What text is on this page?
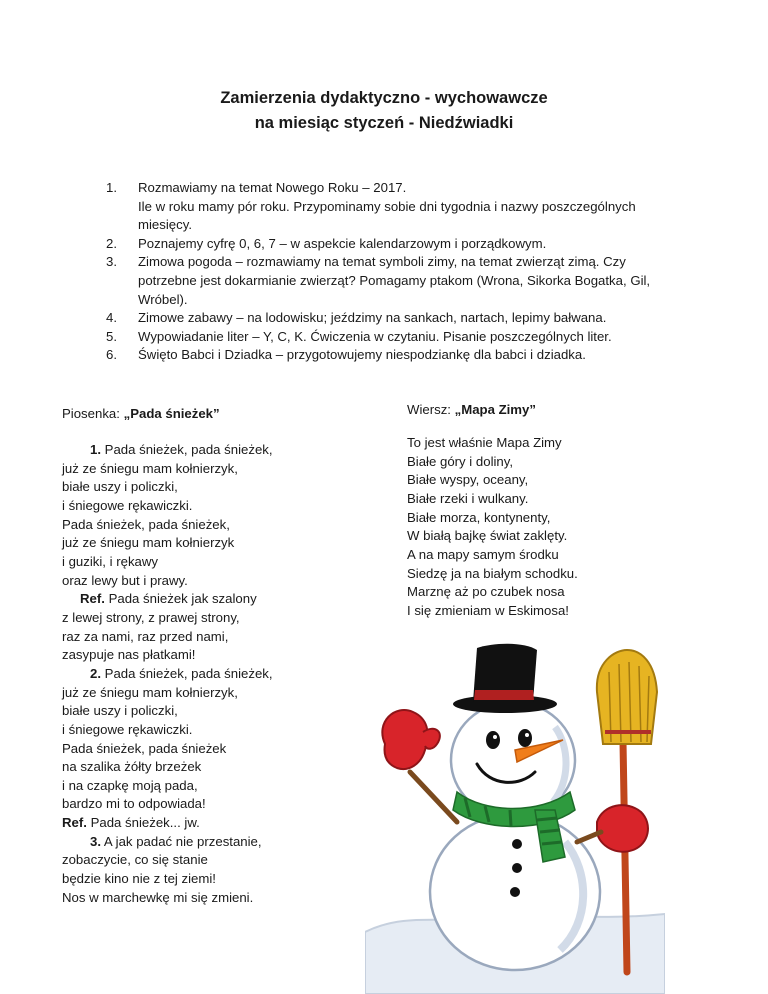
Zamierzenia dydaktyczno - wychowawcze
na miesiąc styczeń - Niedźwiadki
1.	Rozmawiamy na temat Nowego Roku – 2017.
Ile w roku mamy pór roku. Przypominamy sobie dni tygodnia i nazwy poszczególnych
miesięcy.
2.	Poznajemy cyfrę 0, 6, 7 – w aspekcie kalendarzowym i porządkowym.
3.	Zimowa pogoda – rozmawiamy na temat symboli zimy, na temat zwierząt zimą. Czy
potrzebne jest dokarmianie zwierząt? Pomagamy ptakom (Wrona, Sikorka Bogatka, Gil,
Wróbel).
4.	Zimowe zabawy – na lodowisku; jeździmy na sankach, nartach, lepimy bałwana.
5.	Wypowiadanie liter – Y, C, K. Ćwiczenia w czytaniu. Pisanie poszczególnych liter.
6.	Święto Babci i Dziadka – przygotowujemy niespodziankę dla babci i dziadka.
Piosenka: „Pada śnieżek”
1. Pada śnieżek, pada śnieżek,
już ze śniegu mam kołnierzyk,
białe uszy i policzki,
i śniegowe rękawiczki.
Pada śnieżek, pada śnieżek,
już ze śniegu mam kołnierzyk
i guziki, i rękawy
oraz lewy but i prawy.
Ref. Pada śnieżek jak szalony
z lewej strony, z prawej strony,
raz za nami, raz przed nami,
zasypuje nas płatkami!
2. Pada śnieżek, pada śnieżek,
już ze śniegu mam kołnierzyk,
białe uszy i policzki,
i śniegowe rękawiczki.
Pada śnieżek, pada śnieżek
na szalika żółty brzeżek
i na czapkę moją pada,
bardzo mi to odpowiada!
Ref. Pada śnieżek... jw.
3. A jak padać nie przestanie,
zobaczycie, co się stanie
będzie kino nie z tej ziemi!
Nos w marchewkę mi się zmieni.
Wiersz: „Mapa Zimy”
To jest właśnie Mapa Zimy
Białe góry i doliny,
Białe wyspy, oceany,
Białe rzeki i wulkany.
Białe morza, kontynenty,
W białą bajkę świat zaklęty.
A na mapy samym środku
Siedzę ja na białym schodku.
Marznę aż po czubek nosa
I się zmieniam w Eskimosa!
